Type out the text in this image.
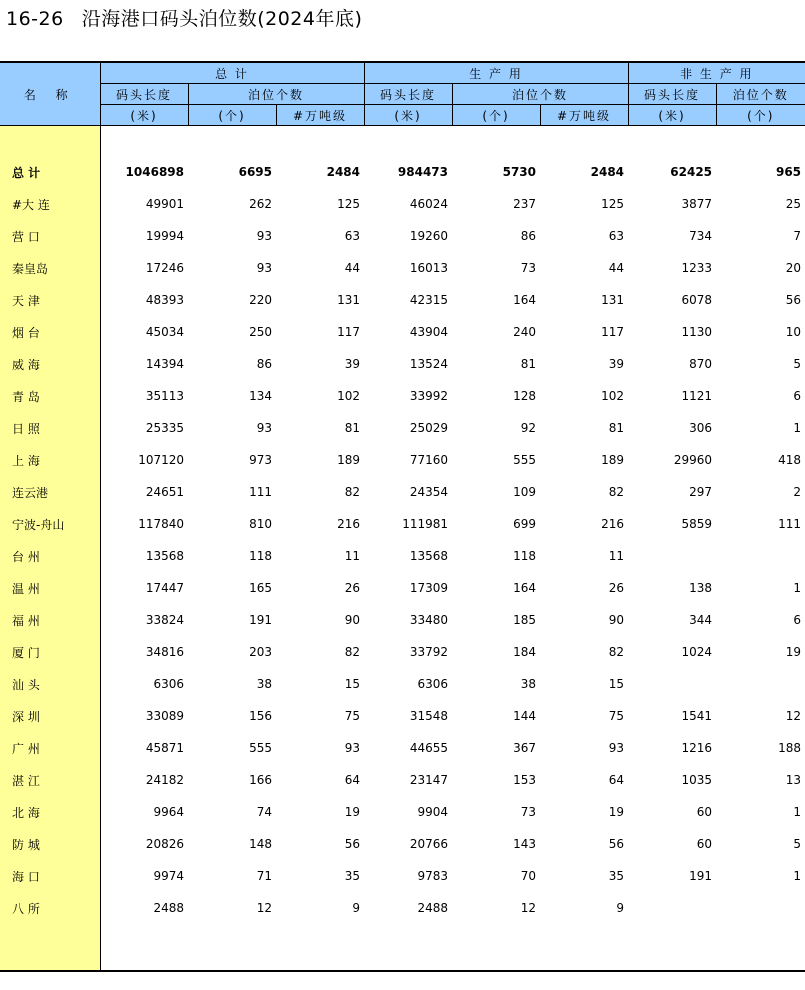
16-26 沿海港口码头泊位数(2024年底)
名 称	总 计			生 产 用			非 生 产 用	
	码头长度	泊位个数		码头长度	泊位个数		码头长度	泊位个数
	(米)	(个)	#万吨级	(米)	(个)	#万吨级	(米)	(个)

总 计	1046898	6695	2484	984473	5730	2484	62425	965
#大 连	49901	262	125	46024	237	125	3877	25
营 口	19994	93	63	19260	86	63	734	7
秦皇岛	17246	93	44	16013	73	44	1233	20
天 津	48393	220	131	42315	164	131	6078	56
烟 台	45034	250	117	43904	240	117	1130	10
威 海	14394	86	39	13524	81	39	870	5
青 岛	35113	134	102	33992	128	102	1121	6
日 照	25335	93	81	25029	92	81	306	1
上 海	107120	973	189	77160	555	189	29960	418
连云港	24651	111	82	24354	109	82	297	2
宁波-舟山	117840	810	216	111981	699	216	5859	111
台 州	13568	118	11	13568	118	11		
温 州	17447	165	26	17309	164	26	138	1
福 州	33824	191	90	33480	185	90	344	6
厦 门	34816	203	82	33792	184	82	1024	19
汕 头	6306	38	15	6306	38	15		
深 圳	33089	156	75	31548	144	75	1541	12
广 州	45871	555	93	44655	367	93	1216	188
湛 江	24182	166	64	23147	153	64	1035	13
北 海	9964	74	19	9904	73	19	60	1
防 城	20826	148	56	20766	143	56	60	5
海 口	9974	71	35	9783	70	35	191	1
八 所	2488	12	9	2488	12	9		
